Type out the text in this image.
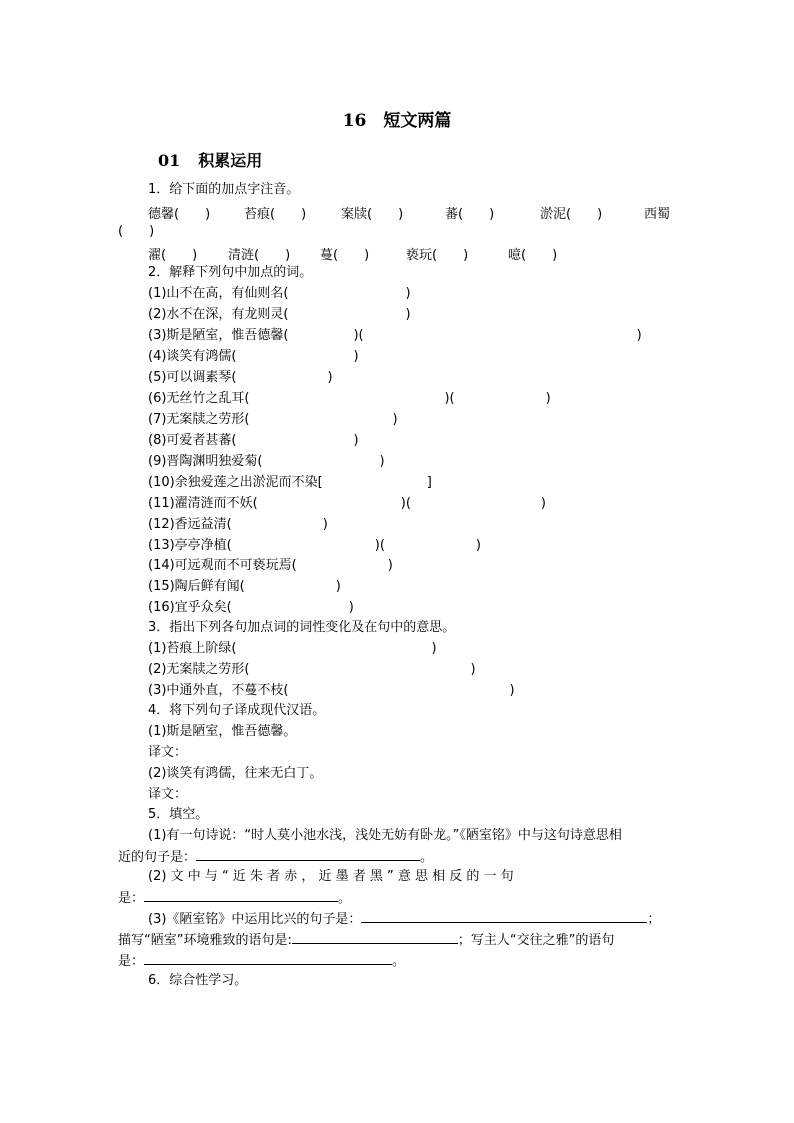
16　短文两篇
01 积累运用
1．给下面的加点字注音。
德馨(　　)	苔痕(　　)	案牍(　　)	蕃(　　)	淤泥(　　)	西蜀
(　　)
濯(　　) 清涟(　　) 蔓(　　)	亵玩(　　)	噫(　　)
2．解释下列句中加点的词。
(1)山不在高，有仙则名(　　　　　　　　　)
(2)水不在深，有龙则灵(　　　　　　　　　)
(3)斯是陋室，惟吾德馨(　　　　　)(　　　　　　　　　　　　　　　　　　　　　)
(4)谈笑有鸿儒(　　　　　　　　　)
(5)可以调素琴(　　　　　　　)
(6)无丝竹之乱耳(　　　　　　　　　　　　　　　)(　　　　　　　)
(7)无案牍之劳形(　　　　　　　　　　　)
(8)可爱者甚蕃(　　　　　　　　　)
(9)晋陶渊明独爱菊(　　　　　　　　　)
(10)余独爱莲之出淤泥而不染[　　　　　　　　]
(11)濯清涟而不妖(　　　　　　　　　　　)(　　　　　　　　　　)
(12)香远益清(　　　　　　　)
(13)亭亭净植(　　　　　　　　　　　)(　　　　　　　)
(14)可远观而不可亵玩焉(　　　　　　　)
(15)陶后鲜有闻(　　　　　　　)
(16)宜乎众矣(　　　　　　　　　)
3．指出下列各句加点词的词性变化及在句中的意思。
(1)苔痕上阶绿(　　　　　　　　　　　　　　　)
(2)无案牍之劳形(　　　　　　　　　　　　　　　　　)
(3)中通外直，不蔓不枝(　　　　　　　　　　　　　　　　　)
4．将下列句子译成现代汉语。
(1)斯是陋室，惟吾德馨。
译文：
(2)谈笑有鸿儒，往来无白丁。
译文：
5．填空。
(1)有一句诗说：“时人莫小池水浅，浅处无妨有卧龙。”《陋室铭》中与这句诗意思相
近的句子是：	。
(2) 文 中 与 “ 近 朱 者 赤 ， 近 墨 者 黑 ” 意 思 相 反 的 一 句
是：	。
(3)《陋室铭》中运用比兴的句子是：	；
描写“陋室”环境雅致的语句是:	；写主人“交往之雅”的语句
是：	。
6．综合性学习。
